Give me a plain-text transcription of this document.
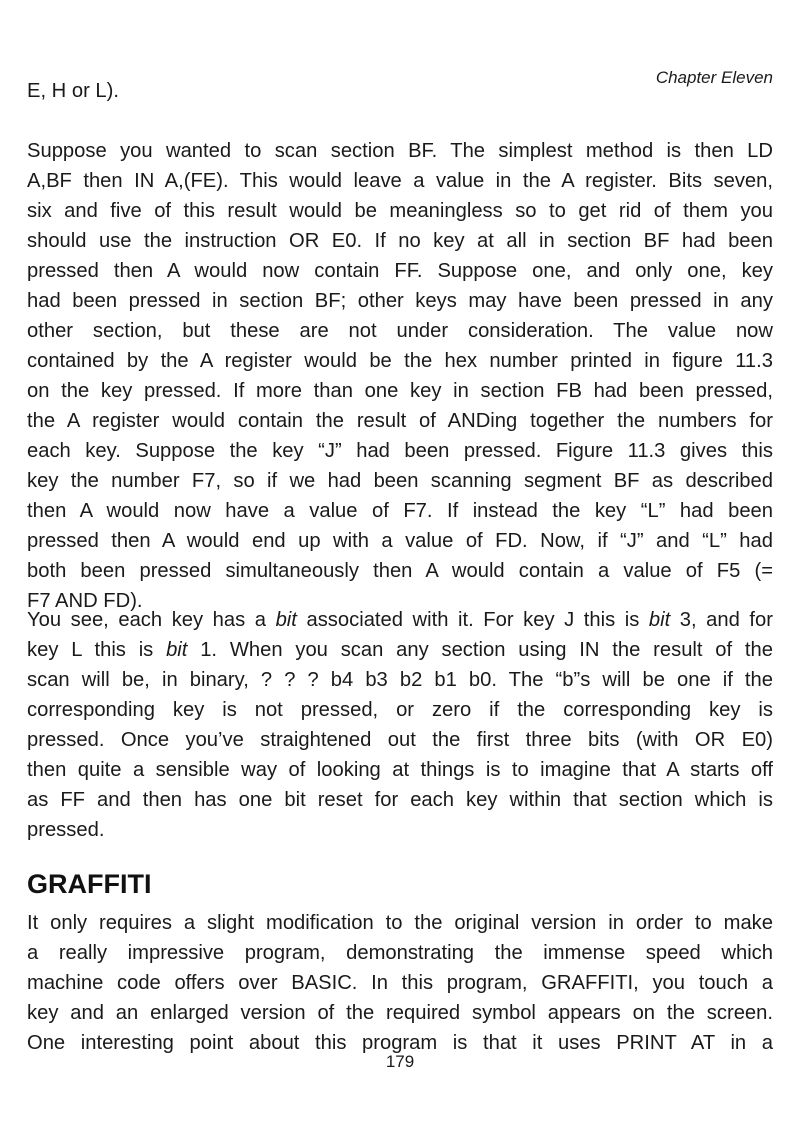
Chapter Eleven
E, H or L).
Suppose you wanted to scan section BF. The simplest method is then LD
A,BF then IN A,(FE). This would leave a value in the A register. Bits seven,
six and five of this result would be meaningless so to get rid of them you
should use the instruction OR E0. If no key at all in section BF had been
pressed then A would now contain FF. Suppose one, and only one, key
had been pressed in section BF; other keys may have been pressed in any
other section, but these are not under consideration. The value now
contained by the A register would be the hex number printed in figure 11.3
on the key pressed. If more than one key in section FB had been pressed,
the A register would contain the result of ANDing together the numbers for
each key. Suppose the key “J” had been pressed. Figure 11.3 gives this
key the number F7, so if we had been scanning segment BF as described
then A would now have a value of F7. If instead the key “L” had been
pressed then A would end up with a value of FD. Now, if “J” and “L” had
both been pressed simultaneously then A would contain a value of F5 (=
F7 AND FD).
You see, each key has a bit associated with it. For key J this is bit 3, and for
key L this is bit 1. When you scan any section using IN the result of the
scan will be, in binary, ? ? ? b4 b3 b2 b1 b0. The “b”s will be one if the
corresponding key is not pressed, or zero if the corresponding key is
pressed. Once you’ve straightened out the first three bits (with OR E0)
then quite a sensible way of looking at things is to imagine that A starts off
as FF and then has one bit reset for each key within that section which is
pressed.
GRAFFITI
It only requires a slight modification to the original version in order to make
a really impressive program, demonstrating the immense speed which
machine code offers over BASIC. In this program, GRAFFITI, you touch a
key and an enlarged version of the required symbol appears on the screen.
One interesting point about this program is that it uses PRINT AT in a
179
